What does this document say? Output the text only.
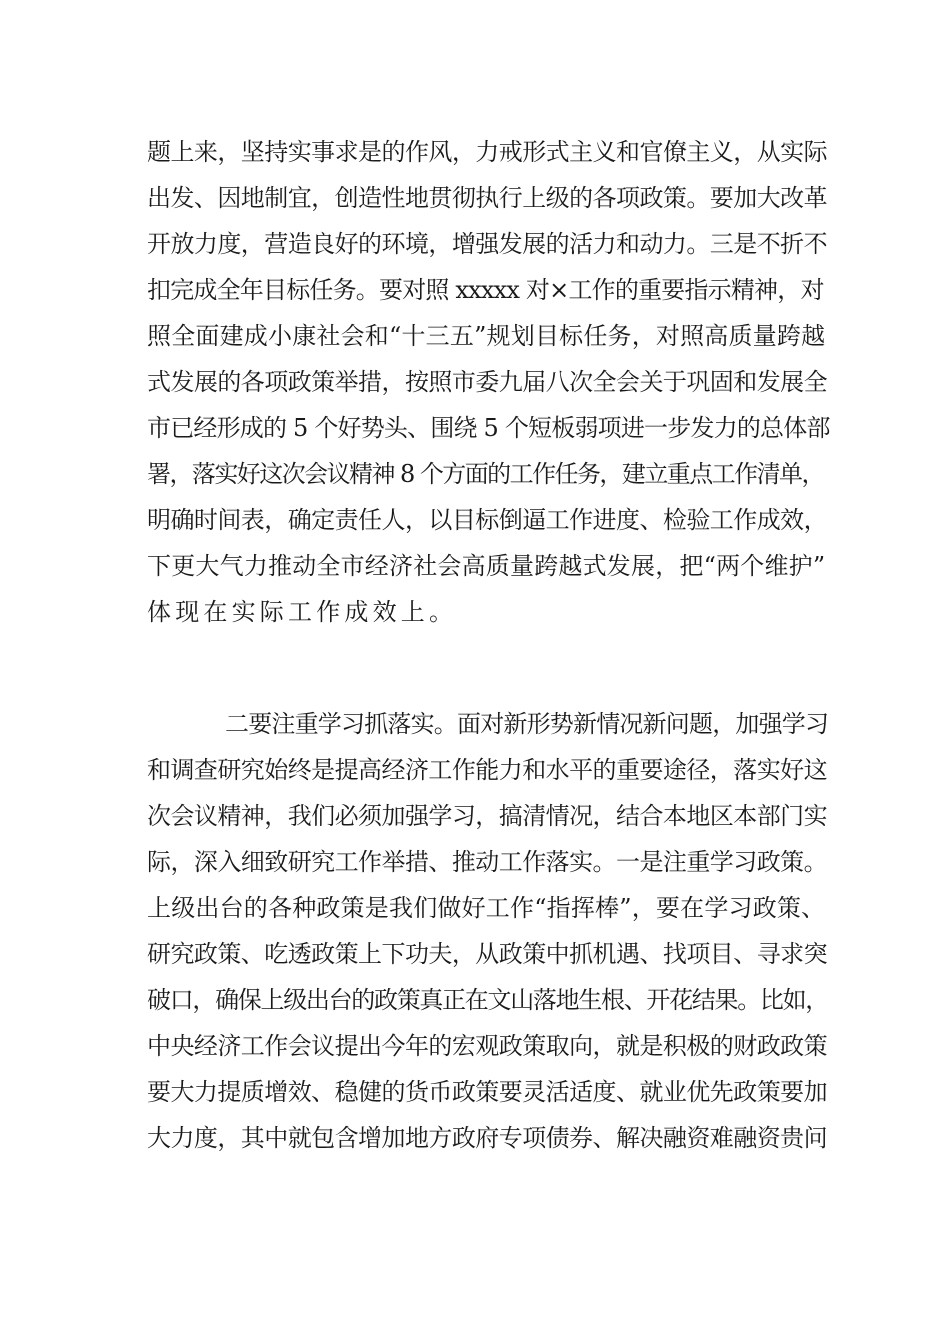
题上来，坚持实事求是的作风，力戒形式主义和官僚主义，从实际
出发、因地制宜，创造性地贯彻执行上级的各项政策。要加大改革
开放力度，营造良好的环境，增强发展的活力和动力。三是不折不
扣完成全年目标任务。要对照 xxxxx 对×工作的重要指示精神，对
照全面建成小康社会和“十三五”规划目标任务，对照高质量跨越
式发展的各项政策举措，按照市委九届八次全会关于巩固和发展全
市已经形成的 5 个好势头、围绕 5 个短板弱项进一步发力的总体部
署，落实好这次会议精神 8 个方面的工作任务，建立重点工作清单，
明确时间表，确定责任人，以目标倒逼工作进度、检验工作成效，
下更大气力推动全市经济社会高质量跨越式发展，把“两个维护”
体现在实际工作成效上。
二要注重学习抓落实。面对新形势新情况新问题，加强学习
和调查研究始终是提高经济工作能力和水平的重要途径，落实好这
次会议精神，我们必须加强学习，搞清情况，结合本地区本部门实
际，深入细致研究工作举措、推动工作落实。一是注重学习政策。
上级出台的各种政策是我们做好工作“指挥棒”，要在学习政策、
研究政策、吃透政策上下功夫，从政策中抓机遇、找项目、寻求突
破口，确保上级出台的政策真正在文山落地生根、开花结果。比如，
中央经济工作会议提出今年的宏观政策取向，就是积极的财政政策
要大力提质增效、稳健的货币政策要灵活适度、就业优先政策要加
大力度，其中就包含增加地方政府专项债券、解决融资难融资贵问
